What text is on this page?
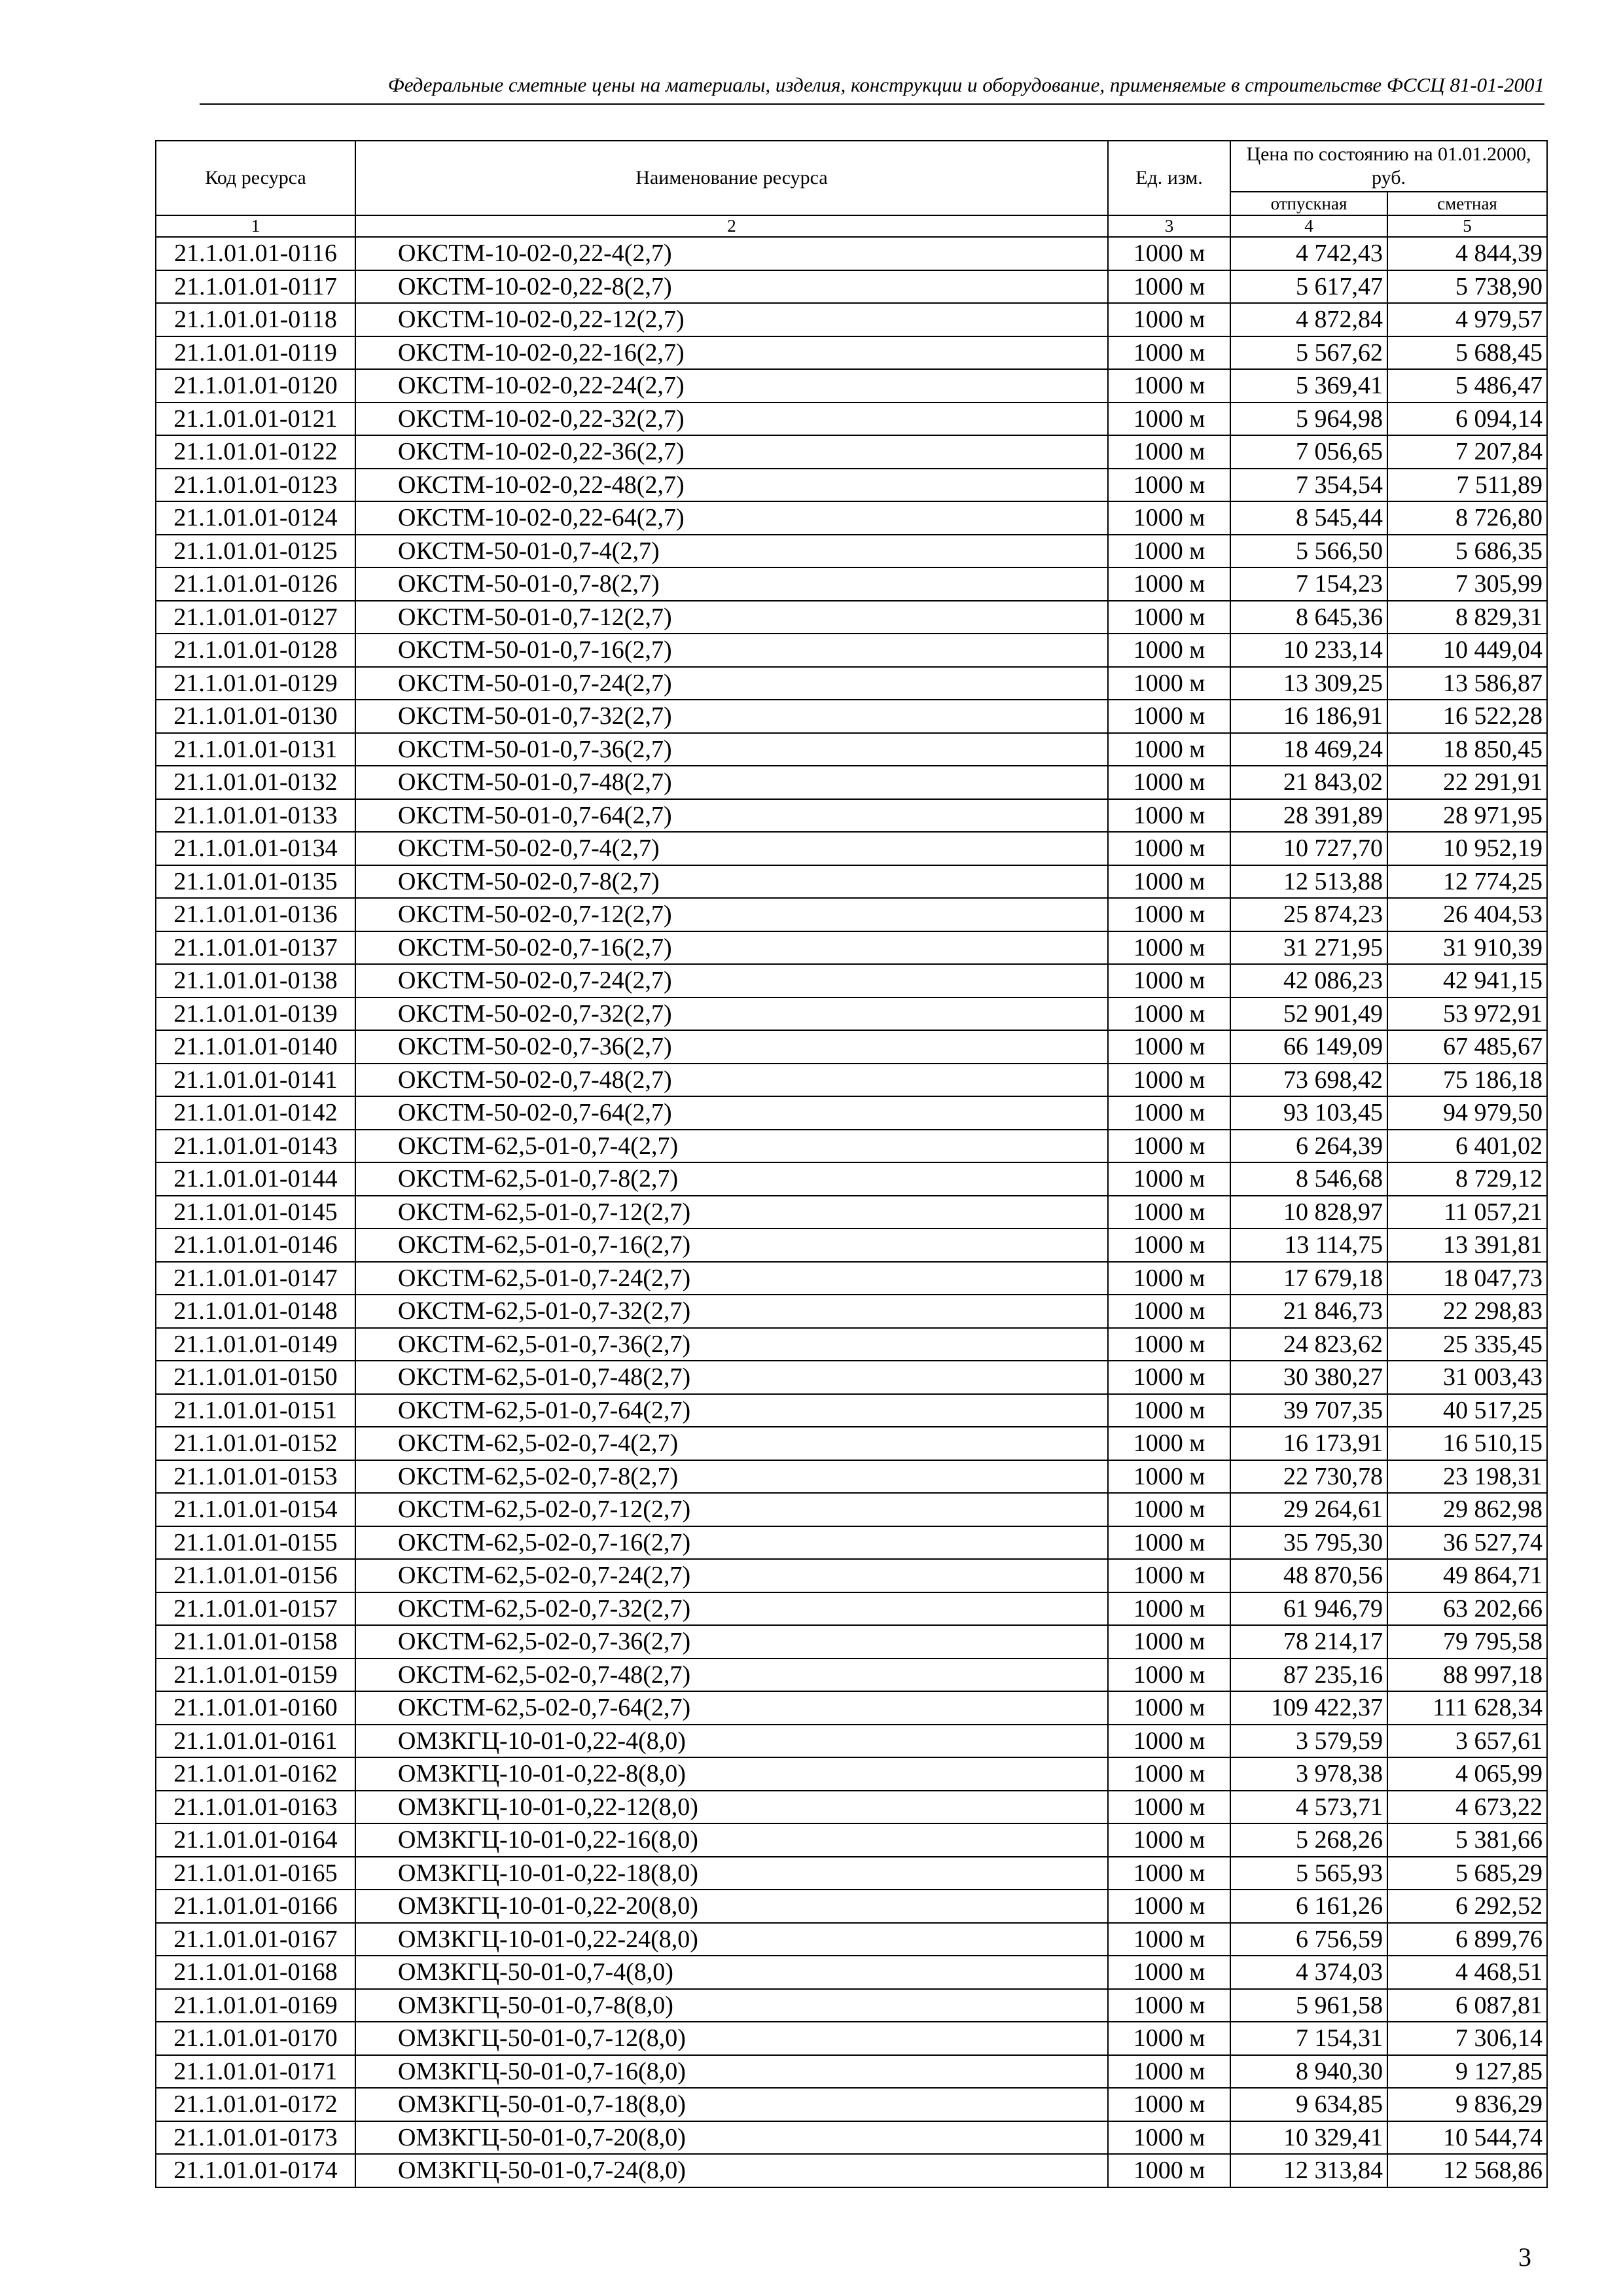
Федеральные сметные цены на материалы, изделия, конструкции и оборудование, применяемые в строительстве ФССЦ 81-01-2001
Код ресурса	Наименование ресурса	Ед. изм.	Цена по состоянию на 01.01.2000, руб.	
			отпускная	сметная
1	2	3	4	5
21.1.01.01-0116	ОКСТМ-10-02-0,22-4(2,7)	1000 м	4 742,43	4 844,39
21.1.01.01-0117	ОКСТМ-10-02-0,22-8(2,7)	1000 м	5 617,47	5 738,90
21.1.01.01-0118	ОКСТМ-10-02-0,22-12(2,7)	1000 м	4 872,84	4 979,57
21.1.01.01-0119	ОКСТМ-10-02-0,22-16(2,7)	1000 м	5 567,62	5 688,45
21.1.01.01-0120	ОКСТМ-10-02-0,22-24(2,7)	1000 м	5 369,41	5 486,47
21.1.01.01-0121	ОКСТМ-10-02-0,22-32(2,7)	1000 м	5 964,98	6 094,14
21.1.01.01-0122	ОКСТМ-10-02-0,22-36(2,7)	1000 м	7 056,65	7 207,84
21.1.01.01-0123	ОКСТМ-10-02-0,22-48(2,7)	1000 м	7 354,54	7 511,89
21.1.01.01-0124	ОКСТМ-10-02-0,22-64(2,7)	1000 м	8 545,44	8 726,80
21.1.01.01-0125	ОКСТМ-50-01-0,7-4(2,7)	1000 м	5 566,50	5 686,35
21.1.01.01-0126	ОКСТМ-50-01-0,7-8(2,7)	1000 м	7 154,23	7 305,99
21.1.01.01-0127	ОКСТМ-50-01-0,7-12(2,7)	1000 м	8 645,36	8 829,31
21.1.01.01-0128	ОКСТМ-50-01-0,7-16(2,7)	1000 м	10 233,14	10 449,04
21.1.01.01-0129	ОКСТМ-50-01-0,7-24(2,7)	1000 м	13 309,25	13 586,87
21.1.01.01-0130	ОКСТМ-50-01-0,7-32(2,7)	1000 м	16 186,91	16 522,28
21.1.01.01-0131	ОКСТМ-50-01-0,7-36(2,7)	1000 м	18 469,24	18 850,45
21.1.01.01-0132	ОКСТМ-50-01-0,7-48(2,7)	1000 м	21 843,02	22 291,91
21.1.01.01-0133	ОКСТМ-50-01-0,7-64(2,7)	1000 м	28 391,89	28 971,95
21.1.01.01-0134	ОКСТМ-50-02-0,7-4(2,7)	1000 м	10 727,70	10 952,19
21.1.01.01-0135	ОКСТМ-50-02-0,7-8(2,7)	1000 м	12 513,88	12 774,25
21.1.01.01-0136	ОКСТМ-50-02-0,7-12(2,7)	1000 м	25 874,23	26 404,53
21.1.01.01-0137	ОКСТМ-50-02-0,7-16(2,7)	1000 м	31 271,95	31 910,39
21.1.01.01-0138	ОКСТМ-50-02-0,7-24(2,7)	1000 м	42 086,23	42 941,15
21.1.01.01-0139	ОКСТМ-50-02-0,7-32(2,7)	1000 м	52 901,49	53 972,91
21.1.01.01-0140	ОКСТМ-50-02-0,7-36(2,7)	1000 м	66 149,09	67 485,67
21.1.01.01-0141	ОКСТМ-50-02-0,7-48(2,7)	1000 м	73 698,42	75 186,18
21.1.01.01-0142	ОКСТМ-50-02-0,7-64(2,7)	1000 м	93 103,45	94 979,50
21.1.01.01-0143	ОКСТМ-62,5-01-0,7-4(2,7)	1000 м	6 264,39	6 401,02
21.1.01.01-0144	ОКСТМ-62,5-01-0,7-8(2,7)	1000 м	8 546,68	8 729,12
21.1.01.01-0145	ОКСТМ-62,5-01-0,7-12(2,7)	1000 м	10 828,97	11 057,21
21.1.01.01-0146	ОКСТМ-62,5-01-0,7-16(2,7)	1000 м	13 114,75	13 391,81
21.1.01.01-0147	ОКСТМ-62,5-01-0,7-24(2,7)	1000 м	17 679,18	18 047,73
21.1.01.01-0148	ОКСТМ-62,5-01-0,7-32(2,7)	1000 м	21 846,73	22 298,83
21.1.01.01-0149	ОКСТМ-62,5-01-0,7-36(2,7)	1000 м	24 823,62	25 335,45
21.1.01.01-0150	ОКСТМ-62,5-01-0,7-48(2,7)	1000 м	30 380,27	31 003,43
21.1.01.01-0151	ОКСТМ-62,5-01-0,7-64(2,7)	1000 м	39 707,35	40 517,25
21.1.01.01-0152	ОКСТМ-62,5-02-0,7-4(2,7)	1000 м	16 173,91	16 510,15
21.1.01.01-0153	ОКСТМ-62,5-02-0,7-8(2,7)	1000 м	22 730,78	23 198,31
21.1.01.01-0154	ОКСТМ-62,5-02-0,7-12(2,7)	1000 м	29 264,61	29 862,98
21.1.01.01-0155	ОКСТМ-62,5-02-0,7-16(2,7)	1000 м	35 795,30	36 527,74
21.1.01.01-0156	ОКСТМ-62,5-02-0,7-24(2,7)	1000 м	48 870,56	49 864,71
21.1.01.01-0157	ОКСТМ-62,5-02-0,7-32(2,7)	1000 м	61 946,79	63 202,66
21.1.01.01-0158	ОКСТМ-62,5-02-0,7-36(2,7)	1000 м	78 214,17	79 795,58
21.1.01.01-0159	ОКСТМ-62,5-02-0,7-48(2,7)	1000 м	87 235,16	88 997,18
21.1.01.01-0160	ОКСТМ-62,5-02-0,7-64(2,7)	1000 м	109 422,37	111 628,34
21.1.01.01-0161	ОМЗКГЦ-10-01-0,22-4(8,0)	1000 м	3 579,59	3 657,61
21.1.01.01-0162	ОМЗКГЦ-10-01-0,22-8(8,0)	1000 м	3 978,38	4 065,99
21.1.01.01-0163	ОМЗКГЦ-10-01-0,22-12(8,0)	1000 м	4 573,71	4 673,22
21.1.01.01-0164	ОМЗКГЦ-10-01-0,22-16(8,0)	1000 м	5 268,26	5 381,66
21.1.01.01-0165	ОМЗКГЦ-10-01-0,22-18(8,0)	1000 м	5 565,93	5 685,29
21.1.01.01-0166	ОМЗКГЦ-10-01-0,22-20(8,0)	1000 м	6 161,26	6 292,52
21.1.01.01-0167	ОМЗКГЦ-10-01-0,22-24(8,0)	1000 м	6 756,59	6 899,76
21.1.01.01-0168	ОМЗКГЦ-50-01-0,7-4(8,0)	1000 м	4 374,03	4 468,51
21.1.01.01-0169	ОМЗКГЦ-50-01-0,7-8(8,0)	1000 м	5 961,58	6 087,81
21.1.01.01-0170	ОМЗКГЦ-50-01-0,7-12(8,0)	1000 м	7 154,31	7 306,14
21.1.01.01-0171	ОМЗКГЦ-50-01-0,7-16(8,0)	1000 м	8 940,30	9 127,85
21.1.01.01-0172	ОМЗКГЦ-50-01-0,7-18(8,0)	1000 м	9 634,85	9 836,29
21.1.01.01-0173	ОМЗКГЦ-50-01-0,7-20(8,0)	1000 м	10 329,41	10 544,74
21.1.01.01-0174	ОМЗКГЦ-50-01-0,7-24(8,0)	1000 м	12 313,84	12 568,86
3
